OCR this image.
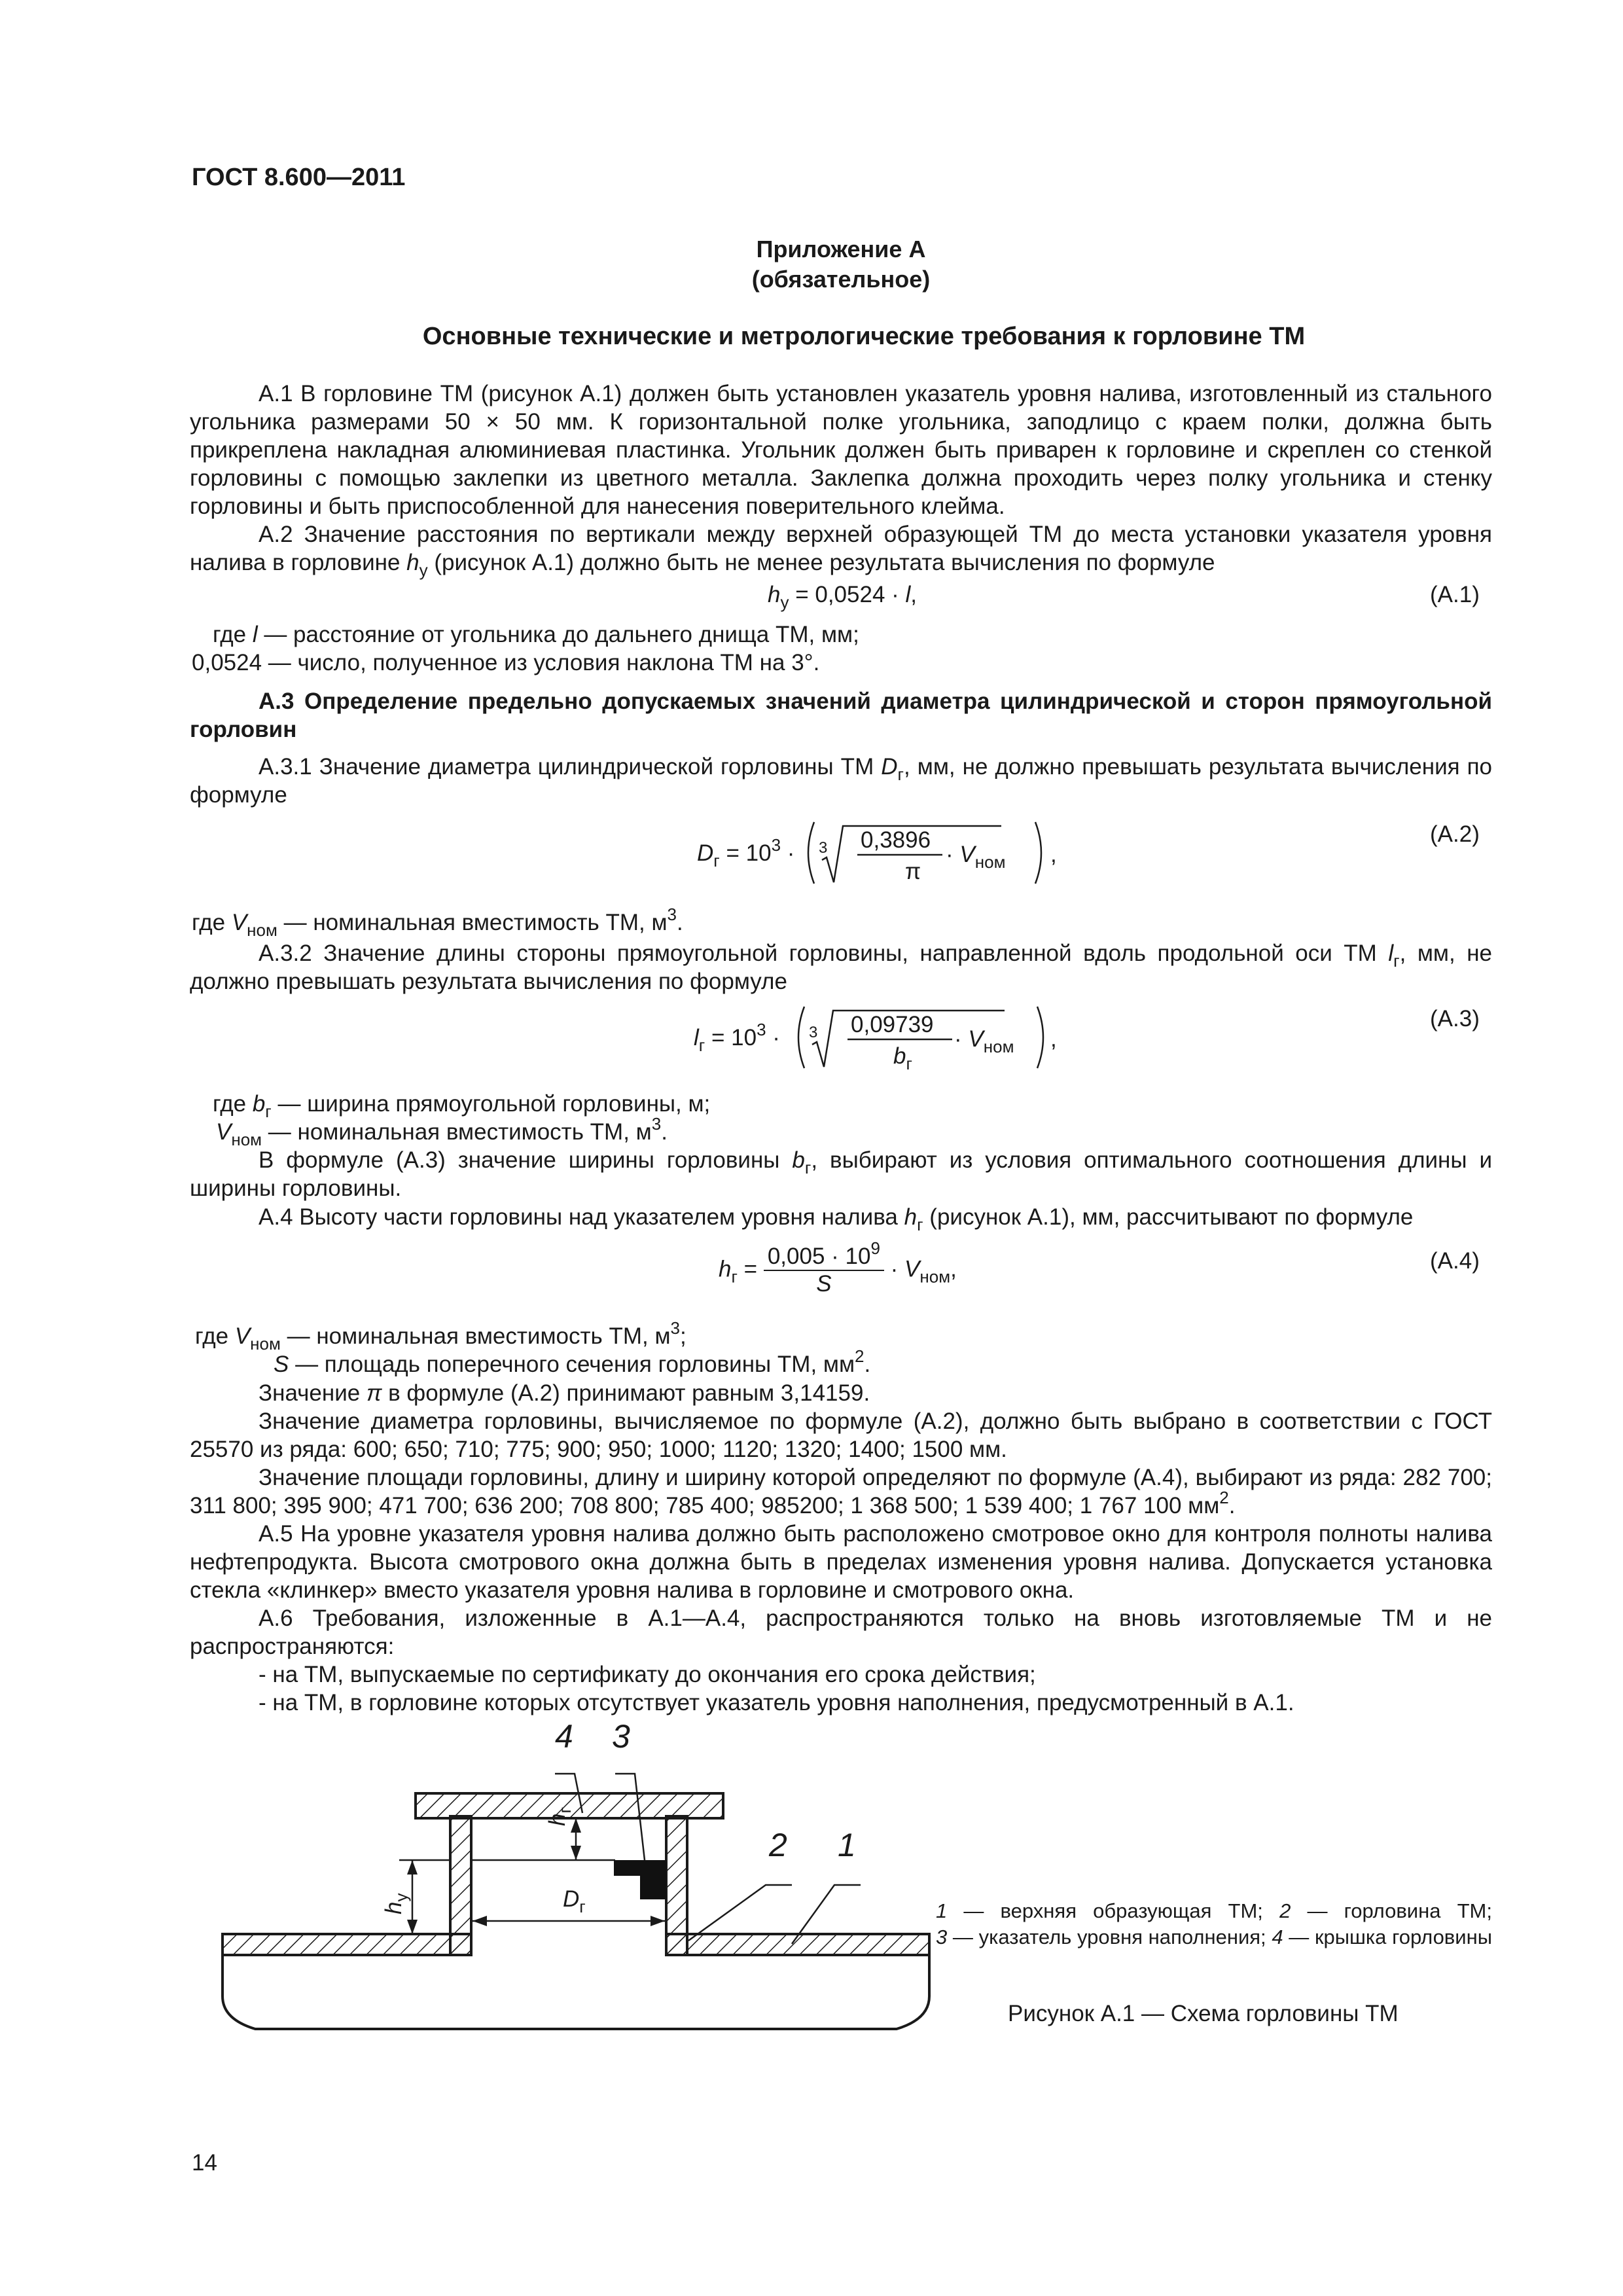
ГОСТ 8.600—2011
Приложение А
(обязательное)
Основные технические и метрологические требования к горловине ТМ
А.1 В горловине ТМ (рисунок А.1) должен быть установлен указатель уровня налива, изготовленный из стального угольника размерами 50 × 50 мм. К горизонтальной полке угольника, заподлицо с краем полки, должна быть прикреплена накладная алюминиевая пластинка. Угольник должен быть приварен к горловине и скреплен со стенкой горловины с помощью заклепки из цветного металла. Заклепка должна проходить через полку угольника и стенку горловины и быть приспособленной для нанесения поверительного клейма.
А.2 Значение расстояния по вертикали между верхней образующей ТМ до места установки указателя уровня налива в горловине $h_у$ (рисунок А.1) должно быть не менее результата вычисления по формуле
$h_у = 0,0524 \cdot l$,	(А.1)
где l — расстояние от угольника до дальнего днища ТМ, мм;
0,0524 — число, полученное из условия наклона ТМ на 3°.
А.3 Определение предельно допускаемых значений диаметра цилиндрической и сторон прямоугольной горловин
А.3.1 Значение диаметра цилиндрической горловины ТМ $D_г$, мм, не должно превышать результата вычисления по формуле
$D_г = 10^3 \cdot 3$ 0,3896
π
· $V_{ном}$ ,
(А.2)
где $V_{ном}$ — номинальная вместимость ТМ, $м^3$.
А.3.2 Значение длины стороны прямоугольной горловины, направленной вдоль продольной оси ТМ $l_г$, мм, не должно превышать результата вычисления по формуле
$l_г = 10^3 \cdot 3$ 0,09739
$b_г$
· $V_{ном}$ ,
(А.3)
где $b_г$ — ширина прямоугольной горловины, м;
$V_{ном}$ — номинальная вместимость ТМ, $м^3$.
В формуле (А.3) значение ширины горловины $b_г$, выбирают из условия оптимального соотношения длины и ширины горловины.
А.4 Высоту части горловины над указателем уровня налива $h_г$ (рисунок А.1), мм, рассчитывают по формуле
$h_г = \frac{0,005 \cdot 10^9}{S} \cdot V_{ном}$,	(А.4)
где $V_{ном}$ — номинальная вместимость ТМ, $м^3$;
S — площадь поперечного сечения горловины ТМ, $мм^2$.
Значение π в формуле (А.2) принимают равным 3,14159.
Значение диаметра горловины, вычисляемое по формуле (А.2), должно быть выбрано в соответствии с ГОСТ 25570 из ряда: 600; 650; 710; 775; 900; 950; 1000; 1120; 1320; 1400; 1500 мм.
Значение площади горловины, длину и ширину которой определяют по формуле (А.4), выбирают из ряда: 282 700; 311 800; 395 900; 471 700; 636 200; 708 800; 785 400; 985200; 1 368 500; 1 539 400; 1 767 100 $мм^2$.
А.5 На уровне указателя уровня налива должно быть расположено смотровое окно для контроля полноты налива нефтепродукта. Высота смотрового окна должна быть в пределах изменения уровня налива. Допускается установка стекла «клинкер» вместо указателя уровня налива в горловине и смотрового окна.
А.6 Требования, изложенные в А.1—А.4, распространяются только на вновь изготовляемые ТМ и не распространяются:
- на ТМ, выпускаемые по сертификату до окончания его срока действия;
- на ТМ, в горловине которых отсутствует указатель уровня наполнения, предусмотренный в А.1.
4 3
2 1
$h_г$
$h_у$	$D_г$	1 — верхняя образующая ТМ; 2 — горловина ТМ;
3 — указатель уровня наполнения; 4 — крышка горловины
Рисунок А.1 — Схема горловины ТМ
14
